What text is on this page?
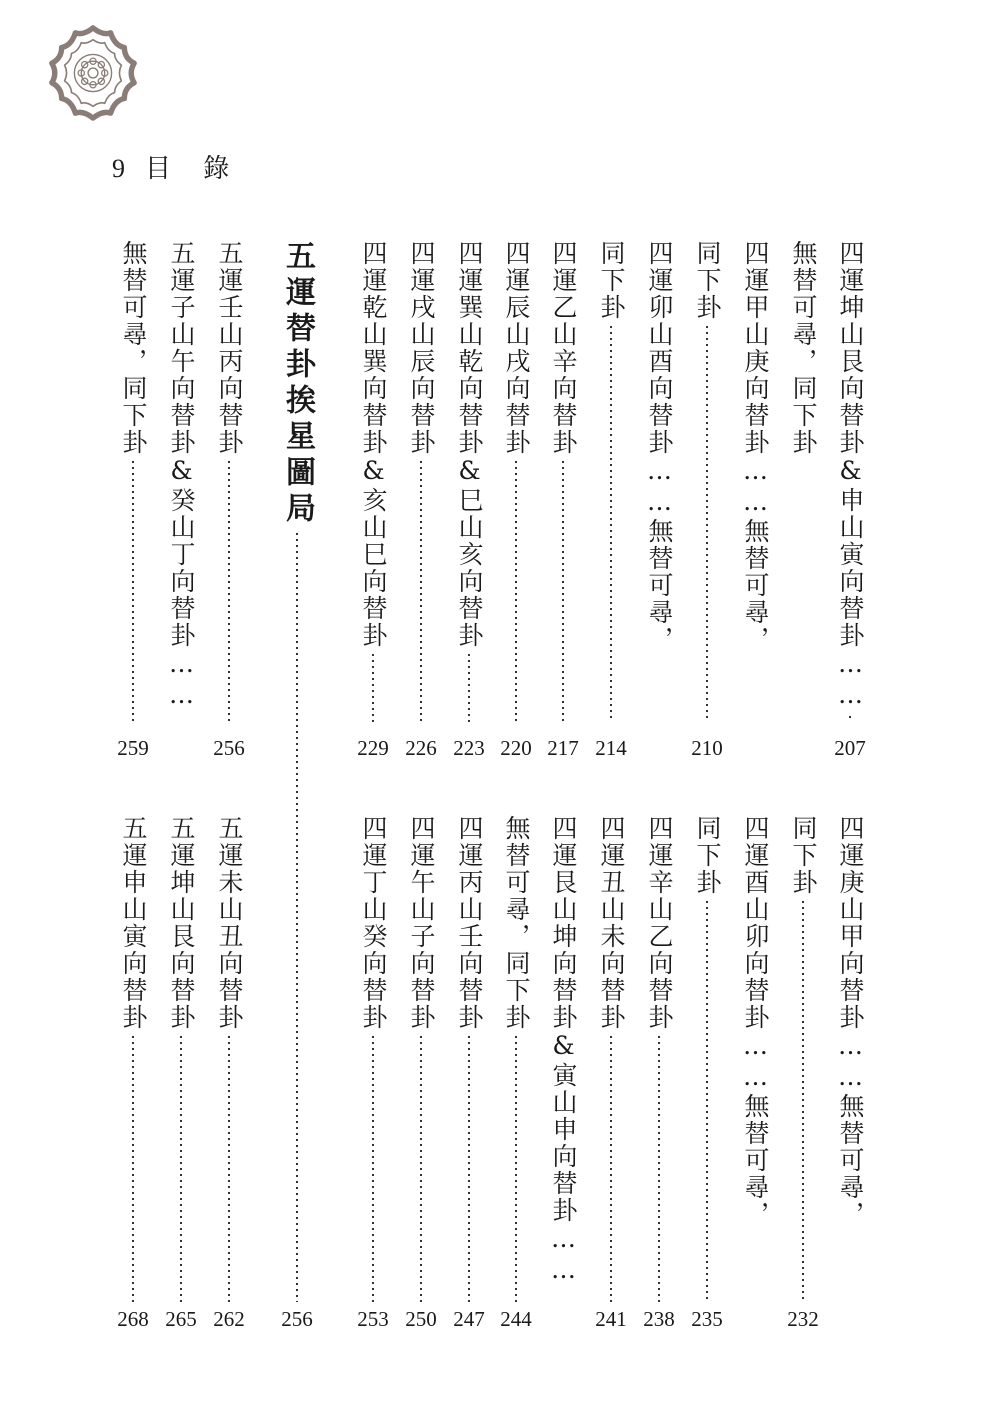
9 目 錄
四運坤山艮向替卦&申山寅向替卦……
207
無替可尋，同下卦
四運甲山庚向替卦……
無替可尋，
同下卦
210
四運卯山酉向替卦……
無替可尋，
同下卦
214
四運乙山辛向替卦
217
四運辰山戌向替卦
220
四運巽山乾向替卦&巳山亥向替卦
223
四運戌山辰向替卦
226
四運乾山巽向替卦&亥山巳向替卦
229
五運替卦挨星圖局
五運壬山丙向替卦
256
五運子山午向替卦&癸山丁向替卦……
無替可尋，同下卦
259
四運庚山甲向替卦……
無替可尋，
同下卦
232
四運酉山卯向替卦……
無替可尋，
同下卦
235
四運辛山乙向替卦
238
四運丑山未向替卦
241
四運艮山坤向替卦&寅山申向替卦……
無替可尋，同下卦
244
四運丙山壬向替卦
247
四運午山子向替卦
250
四運丁山癸向替卦
253
256
五運未山丑向替卦
262
五運坤山艮向替卦
265
五運申山寅向替卦
268
